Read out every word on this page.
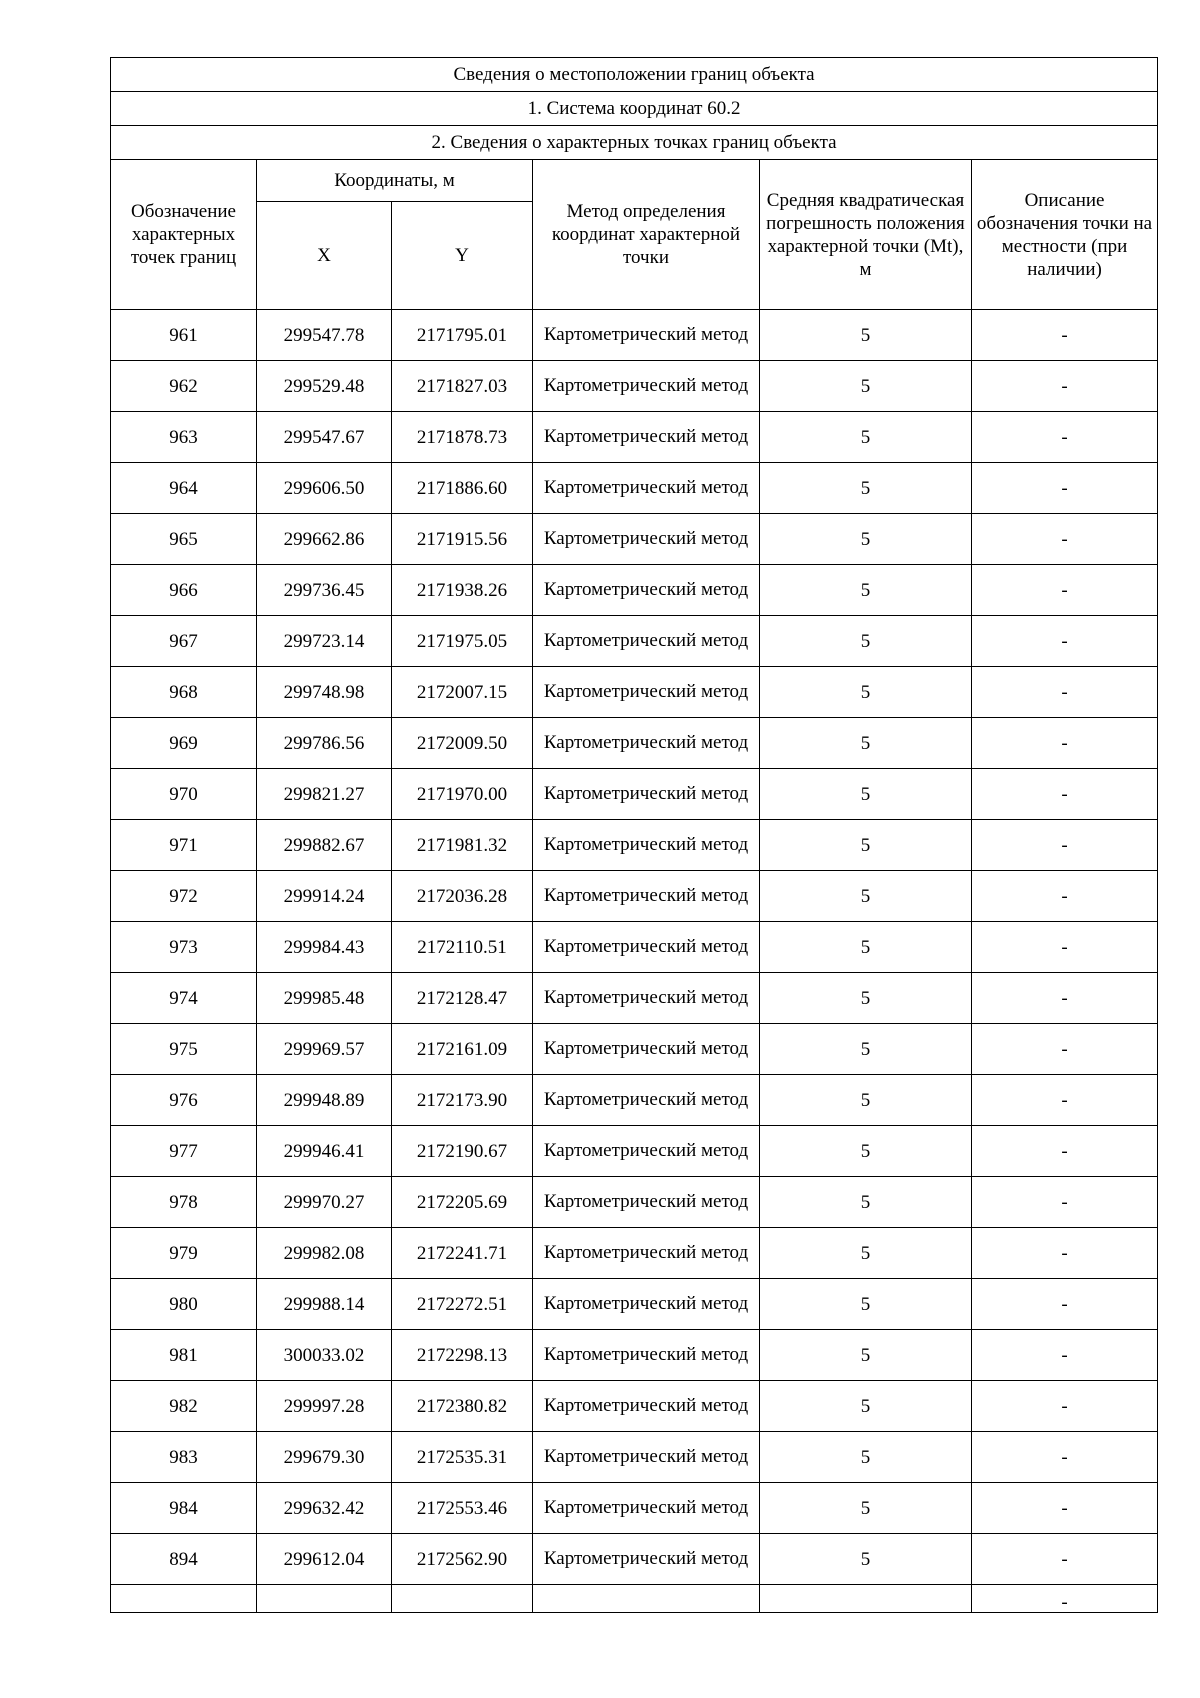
Сведения о местоположении границ объекта					
1. Система координат 60.2					
2. Сведения о характерных точках границ объекта					
Обозначение характерных точек границ	Координаты, м		Метод определения координат характерной точки	Средняя квадратическая погрешность положения характерной точки (Mt), м	Описание обозначения точки на местности (при наличии)
	X	Y			
961	299547.78	2171795.01	Картометрический метод	5	-
962	299529.48	2171827.03	Картометрический метод	5	-
963	299547.67	2171878.73	Картометрический метод	5	-
964	299606.50	2171886.60	Картометрический метод	5	-
965	299662.86	2171915.56	Картометрический метод	5	-
966	299736.45	2171938.26	Картометрический метод	5	-
967	299723.14	2171975.05	Картометрический метод	5	-
968	299748.98	2172007.15	Картометрический метод	5	-
969	299786.56	2172009.50	Картометрический метод	5	-
970	299821.27	2171970.00	Картометрический метод	5	-
971	299882.67	2171981.32	Картометрический метод	5	-
972	299914.24	2172036.28	Картометрический метод	5	-
973	299984.43	2172110.51	Картометрический метод	5	-
974	299985.48	2172128.47	Картометрический метод	5	-
975	299969.57	2172161.09	Картометрический метод	5	-
976	299948.89	2172173.90	Картометрический метод	5	-
977	299946.41	2172190.67	Картометрический метод	5	-
978	299970.27	2172205.69	Картометрический метод	5	-
979	299982.08	2172241.71	Картометрический метод	5	-
980	299988.14	2172272.51	Картометрический метод	5	-
981	300033.02	2172298.13	Картометрический метод	5	-
982	299997.28	2172380.82	Картометрический метод	5	-
983	299679.30	2172535.31	Картометрический метод	5	-
984	299632.42	2172553.46	Картометрический метод	5	-
894	299612.04	2172562.90	Картометрический метод	5	-
					-
